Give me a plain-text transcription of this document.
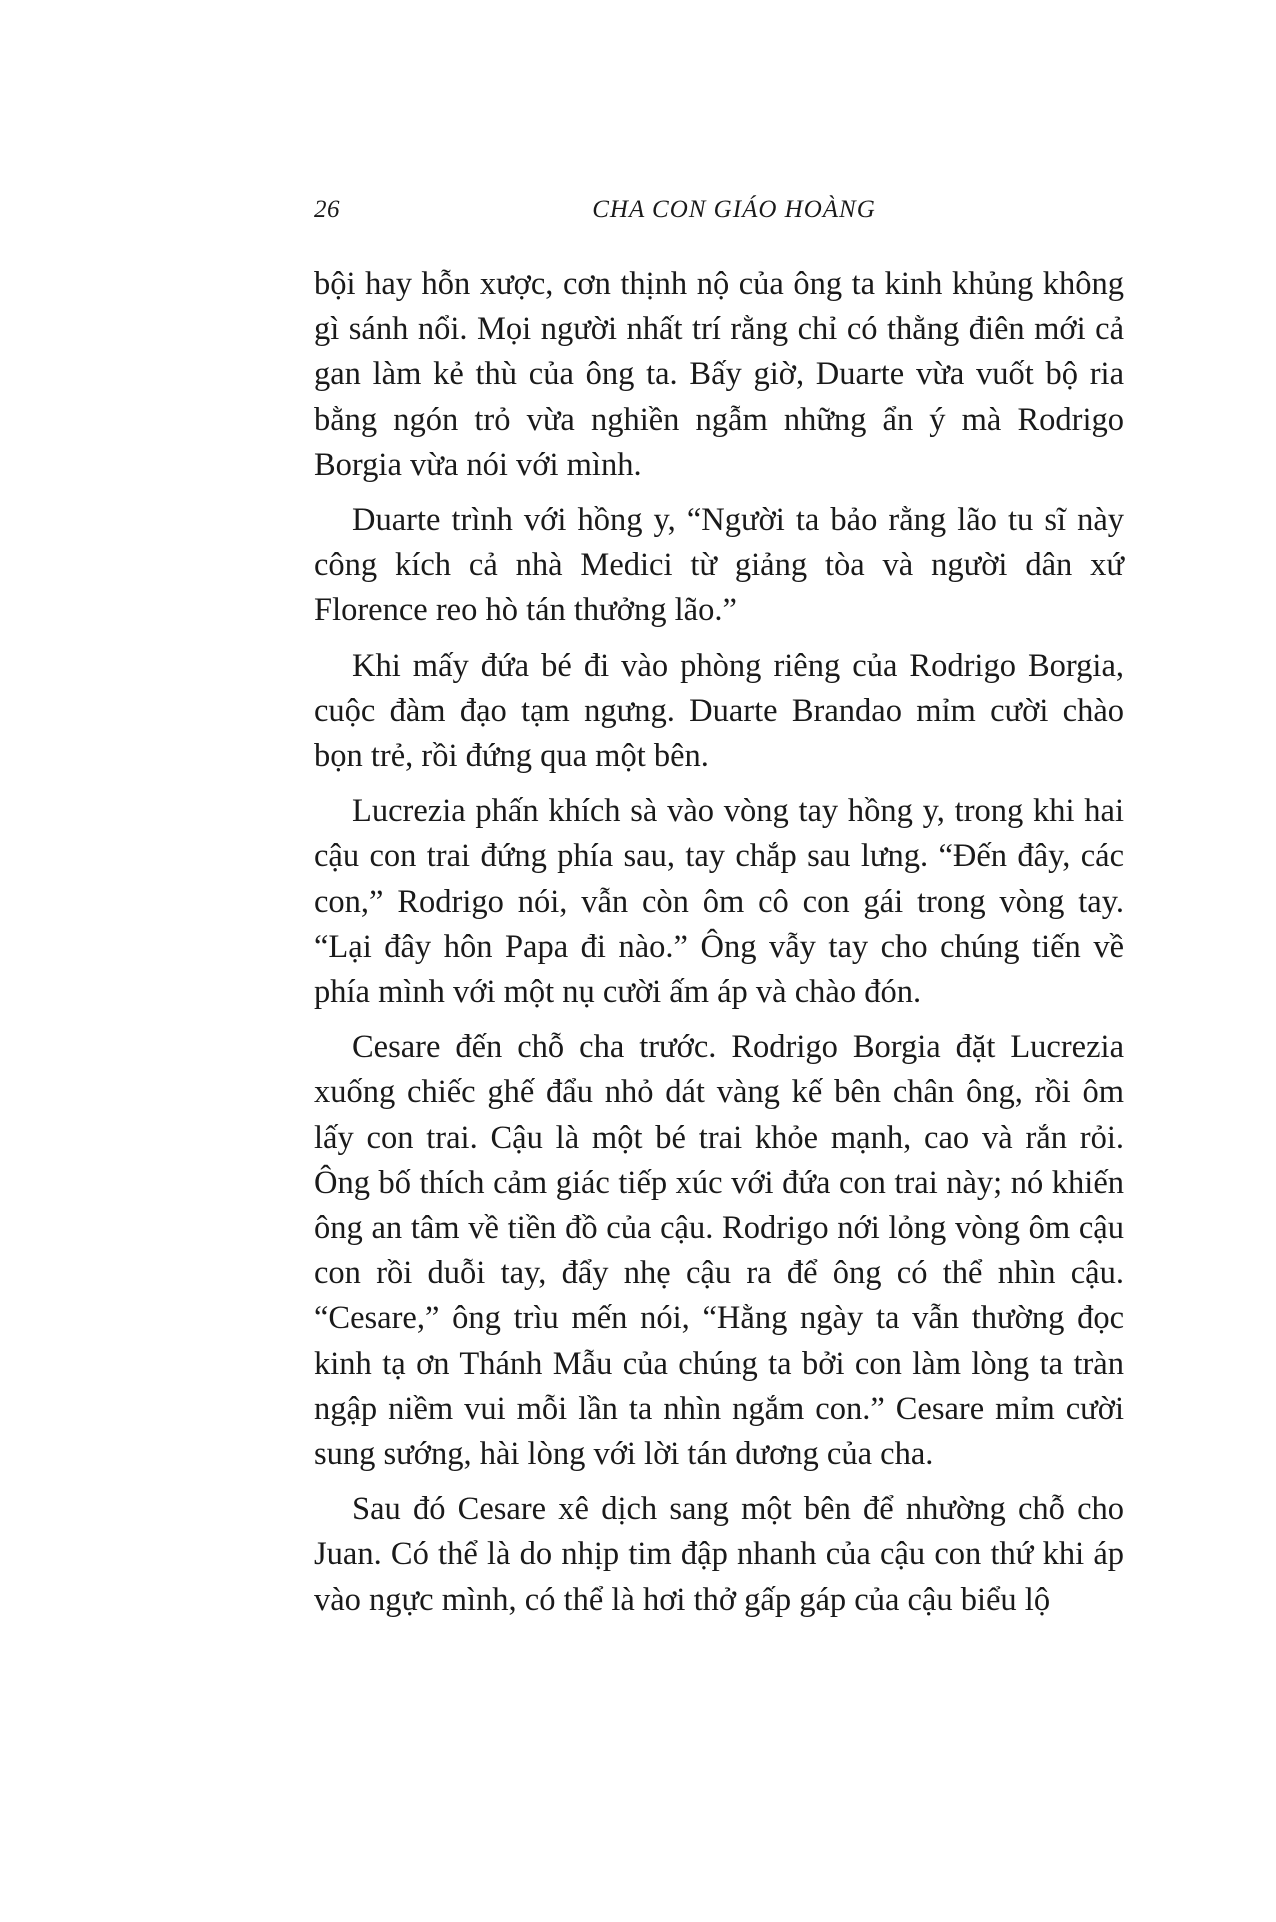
26	CHA CON GIÁO HOÀNG

bội hay hỗn xược, cơn thịnh nộ của ông ta kinh khủng không gì sánh nổi. Mọi người nhất trí rằng chỉ có thằng điên mới cả gan làm kẻ thù của ông ta. Bấy giờ, Duarte vừa vuốt bộ ria bằng ngón trỏ vừa nghiền ngẫm những ẩn ý mà Rodrigo Borgia vừa nói với mình.

Duarte trình với hồng y, “Người ta bảo rằng lão tu sĩ này công kích cả nhà Medici từ giảng tòa và người dân xứ Florence reo hò tán thưởng lão.”

Khi mấy đứa bé đi vào phòng riêng của Rodrigo Borgia, cuộc đàm đạo tạm ngưng. Duarte Brandao mỉm cười chào bọn trẻ, rồi đứng qua một bên.

Lucrezia phấn khích sà vào vòng tay hồng y, trong khi hai cậu con trai đứng phía sau, tay chắp sau lưng. “Đến đây, các con,” Rodrigo nói, vẫn còn ôm cô con gái trong vòng tay. “Lại đây hôn Papa đi nào.” Ông vẫy tay cho chúng tiến về phía mình với một nụ cười ấm áp và chào đón.

Cesare đến chỗ cha trước. Rodrigo Borgia đặt Lucrezia xuống chiếc ghế đẩu nhỏ dát vàng kế bên chân ông, rồi ôm lấy con trai. Cậu là một bé trai khỏe mạnh, cao và rắn rỏi. Ông bố thích cảm giác tiếp xúc với đứa con trai này; nó khiến ông an tâm về tiền đồ của cậu. Rodrigo nới lỏng vòng ôm cậu con rồi duỗi tay, đẩy nhẹ cậu ra để ông có thể nhìn cậu. “Cesare,” ông trìu mến nói, “Hằng ngày ta vẫn thường đọc kinh tạ ơn Thánh Mẫu của chúng ta bởi con làm lòng ta tràn ngập niềm vui mỗi lần ta nhìn ngắm con.” Cesare mỉm cười sung sướng, hài lòng với lời tán dương của cha.

Sau đó Cesare xê dịch sang một bên để nhường chỗ cho Juan. Có thể là do nhịp tim đập nhanh của cậu con thứ khi áp vào ngực mình, có thể là hơi thở gấp gáp của cậu biểu lộ
